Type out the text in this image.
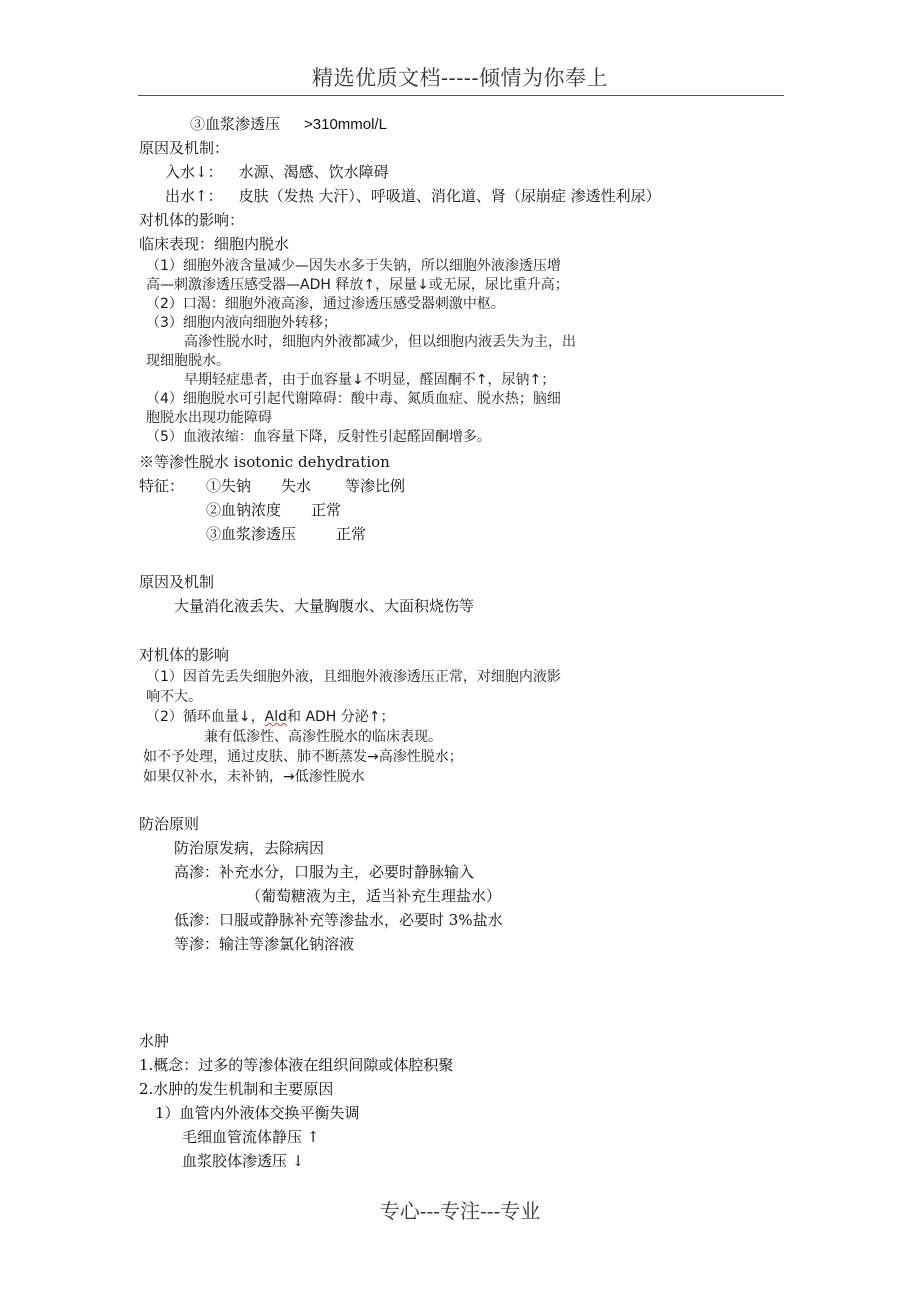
精选优质文档-----倾情为你奉上
③血浆渗透压 >310mmol/L
原因及机制：
入水↓： 水源、渴感、饮水障碍
出水↑： 皮肤（发热 大汗）、呼吸道、消化道、肾（尿崩症 渗透性利尿）
对机体的影响：
临床表现：细胞内脱水
（1）细胞外液含量减少—因失水多于失钠，所以细胞外液渗透压增
高—刺激渗透压感受器—ADH 释放↑，尿量↓或无尿，尿比重升高；
（2）口渴：细胞外液高渗，通过渗透压感受器刺激中枢。
（3）细胞内液向细胞外转移；
高渗性脱水时，细胞内外液都减少，但以细胞内液丢失为主，出
现细胞脱水。
早期轻症患者，由于血容量↓不明显，醛固酮不↑，尿钠↑；
（4）细胞脱水可引起代谢障碍：酸中毒、氮质血症、脱水热；脑细
胞脱水出现功能障碍
（5）血液浓缩：血容量下降，反射性引起醛固酮增多。
※等渗性脱水 isotonic dehydration
特征： ①失钠 失水 等渗比例
②血钠浓度 正常
③血浆渗透压	正常
原因及机制
大量消化液丢失、大量胸腹水、大面积烧伤等
对机体的影响
（1）因首先丢失细胞外液，且细胞外液渗透压正常，对细胞内液影
响不大。
（2）循环血量↓，Ald和 ADH 分泌↑；
兼有低渗性、高渗性脱水的临床表现。
如不予处理，通过皮肤、肺不断蒸发→高渗性脱水；
如果仅补水，未补钠，→低渗性脱水
防治原则
防治原发病，去除病因
高渗：补充水分，口服为主，必要时静脉输入
（葡萄糖液为主，适当补充生理盐水）
低渗：口服或静脉补充等渗盐水，必要时 3%盐水
等渗：输注等渗氯化钠溶液
水肿
1.概念：过多的等渗体液在组织间隙或体腔积聚
2.水肿的发生机制和主要原因
1）血管内外液体交换平衡失调
毛细血管流体静压 ↑
血浆胶体渗透压 ↓
专心---专注---专业
